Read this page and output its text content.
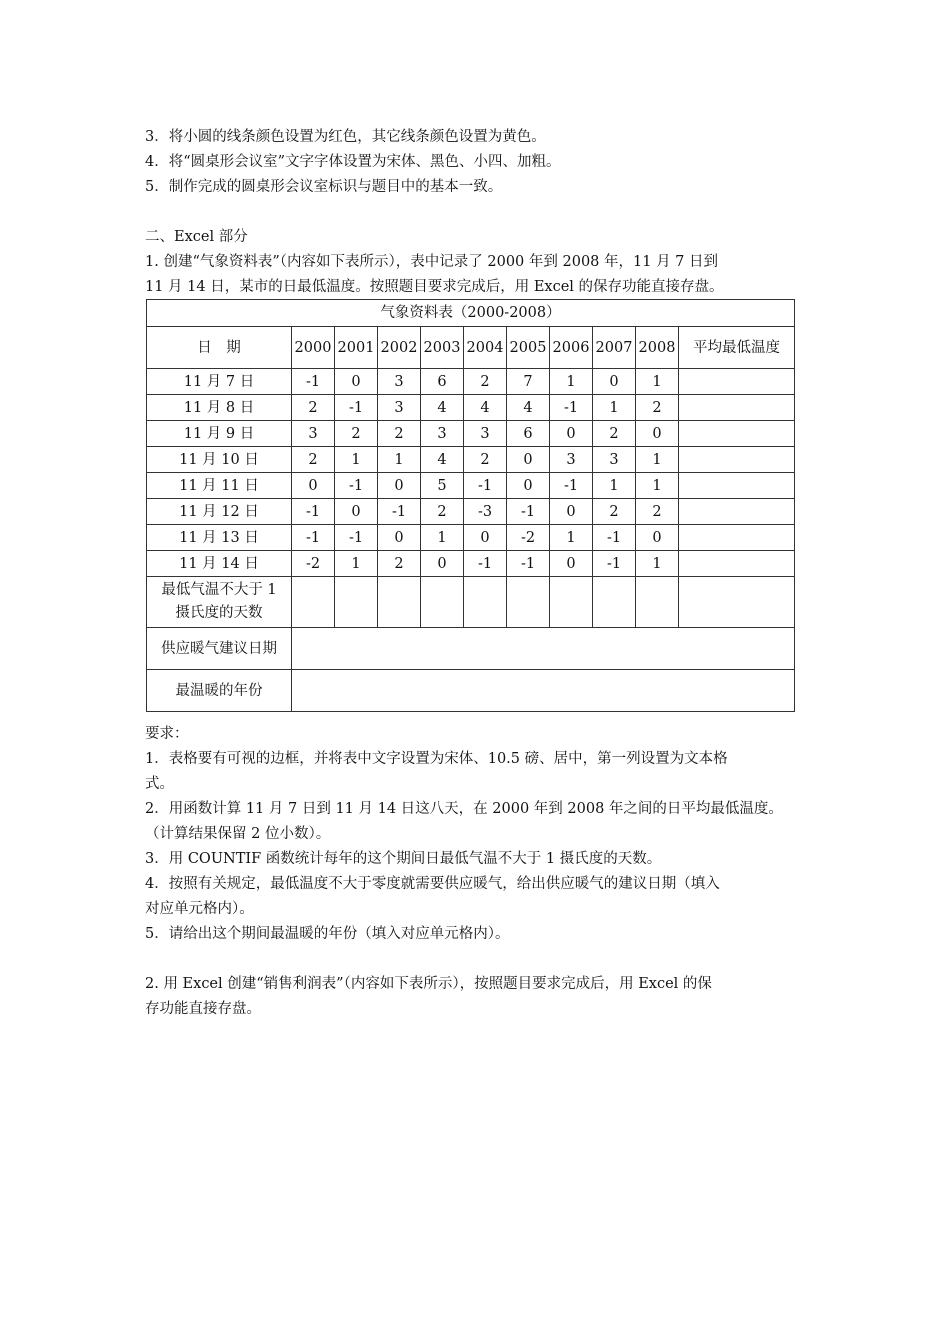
3．将小圆的线条颜色设置为红色，其它线条颜色设置为黄色。
4．将“圆桌形会议室”文字字体设置为宋体、黑色、小四、加粗。
5．制作完成的圆桌形会议室标识与题目中的基本一致。
二、Excel 部分
1. 创建“气象资料表”（内容如下表所示），表中记录了 2000 年到 2008 年，11 月 7 日到
11 月 14 日，某市的日最低温度。按照题目要求完成后，用 Excel 的保存功能直接存盘。
气象资料表（2000-2008）										
日　期	2000	2001	2002	2003	2004	2005	2006	2007	2008	平均最低温度
11 月 7 日	-1	0	3	6	2	7	1	0	1	
11 月 8 日	2	-1	3	4	4	4	-1	1	2	
11 月 9 日	3	2	2	3	3	6	0	2	0	
11 月 10 日	2	1	1	4	2	0	3	3	1	
11 月 11 日	0	-1	0	5	-1	0	-1	1	1	
11 月 12 日	-1	0	-1	2	-3	-1	0	2	2	
11 月 13 日	-1	-1	0	1	0	-2	1	-1	0	
11 月 14 日	-2	1	2	0	-1	-1	0	-1	1	

最低气温不大于 1
摄氏度的天数										

供应暖气建议日期										
最温暖的年份										
要求：
1．表格要有可视的边框，并将表中文字设置为宋体、10.5 磅、居中，第一列设置为文本格
式。
2．用函数计算 11 月 7 日到 11 月 14 日这八天，在 2000 年到 2008 年之间的日平均最低温度。
（计算结果保留 2 位小数）。
3．用 COUNTIF 函数统计每年的这个期间日最低气温不大于 1 摄氏度的天数。
4．按照有关规定，最低温度不大于零度就需要供应暖气，给出供应暖气的建议日期（填入
对应单元格内）。
5．请给出这个期间最温暖的年份（填入对应单元格内）。
2. 用 Excel 创建“销售利润表”（内容如下表所示），按照题目要求完成后，用 Excel 的保
存功能直接存盘。
